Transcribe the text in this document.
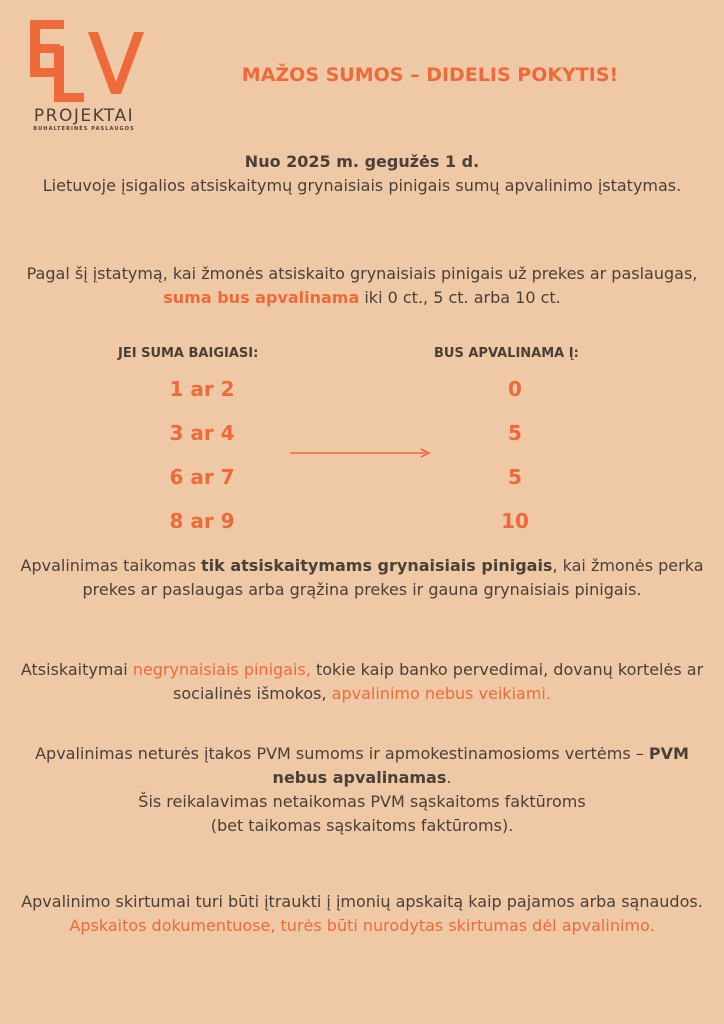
PROJEKTAI
BUHALTERINĖS PASLAUGOS
MAŽOS SUMOS – DIDELIS POKYTIS!
Nuo 2025 m. gegužės 1 d.
Lietuvoje įsigalios atsiskaitymų grynaisiais pinigais sumų apvalinimo įstatymas.
Pagal šį įstatymą, kai žmonės atsiskaito grynaisiais pinigais už prekes ar paslaugas, suma bus apvalinama iki 0 ct., 5 ct. arba 10 ct.
JEI SUMA BAIGIASI:	BUS APVALINAMA Į:
1 ar 2	0
3 ar 4	5
6 ar 7	5
8 ar 9	10
Apvalinimas taikomas tik atsiskaitymams grynaisiais pinigais, kai žmonės perka prekes ar paslaugas arba grąžina prekes ir gauna grynaisiais pinigais.
Atsiskaitymai negrynaisiais pinigais, tokie kaip banko pervedimai, dovanų kortelės ar socialinės išmokos, apvalinimo nebus veikiami.
Apvalinimas neturės įtakos PVM sumoms ir apmokestinamosioms vertėms – PVM nebus apvalinamas.
Šis reikalavimas netaikomas PVM sąskaitoms faktūroms
(bet taikomas sąskaitoms faktūroms).
Apvalinimo skirtumai turi būti įtraukti į įmonių apskaitą kaip pajamos arba sąnaudos.
Apskaitos dokumentuose, turės būti nurodytas skirtumas dėl apvalinimo.
